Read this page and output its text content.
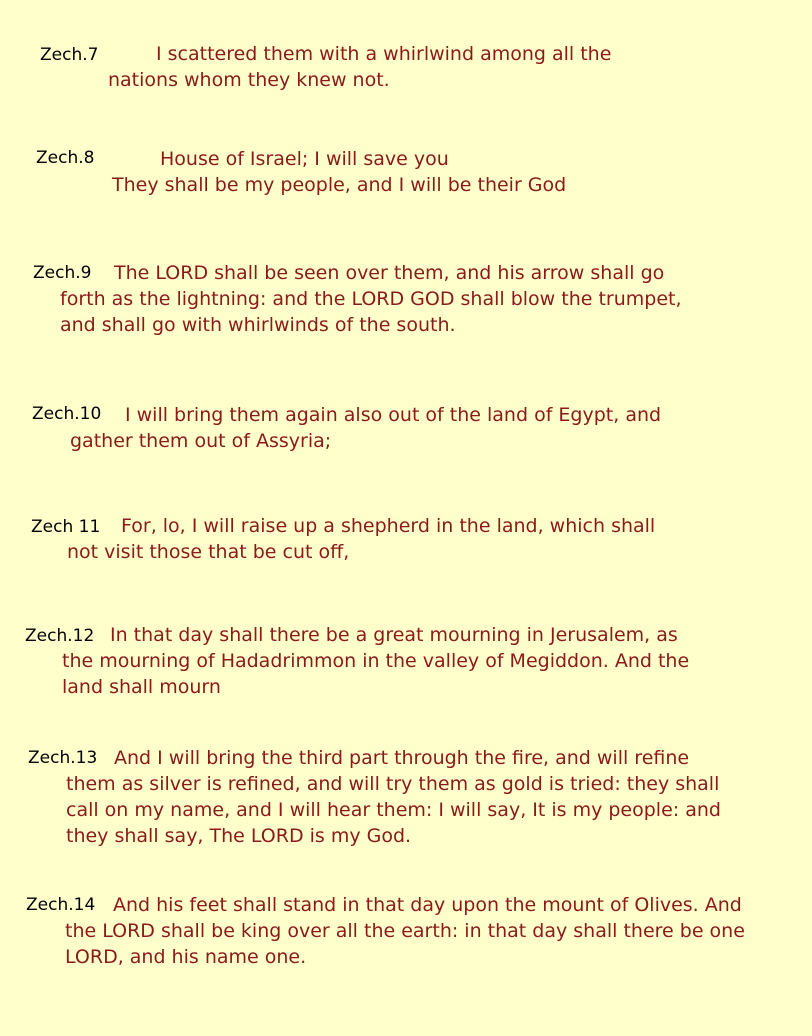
Zech.7	I scattered them with a whirlwind among all the
nations whom they knew not.
Zech.8	House of Israel; I will save you
They shall be my people, and I will be their God
Zech.9 The LORD shall be seen over them, and his arrow shall go
forth as the lightning: and the LORD GOD shall blow the trumpet,
and shall go with whirlwinds of the south.
Zech.10 I will bring them again also out of the land of Egypt, and
gather them out of Assyria;
Zech 11 For, lo, I will raise up a shepherd in the land, which shall
not visit those that be cut off,
Zech.12 In that day shall there be a great mourning in Jerusalem, as
the mourning of Hadadrimmon in the valley of Megiddon. And the
land shall mourn
Zech.13 And I will bring the third part through the fire, and will refine
them as silver is refined, and will try them as gold is tried: they shall
call on my name, and I will hear them: I will say, It is my people: and
they shall say, The LORD is my God.
Zech.14 And his feet shall stand in that day upon the mount of Olives. And
the LORD shall be king over all the earth: in that day shall there be one
LORD, and his name one.
